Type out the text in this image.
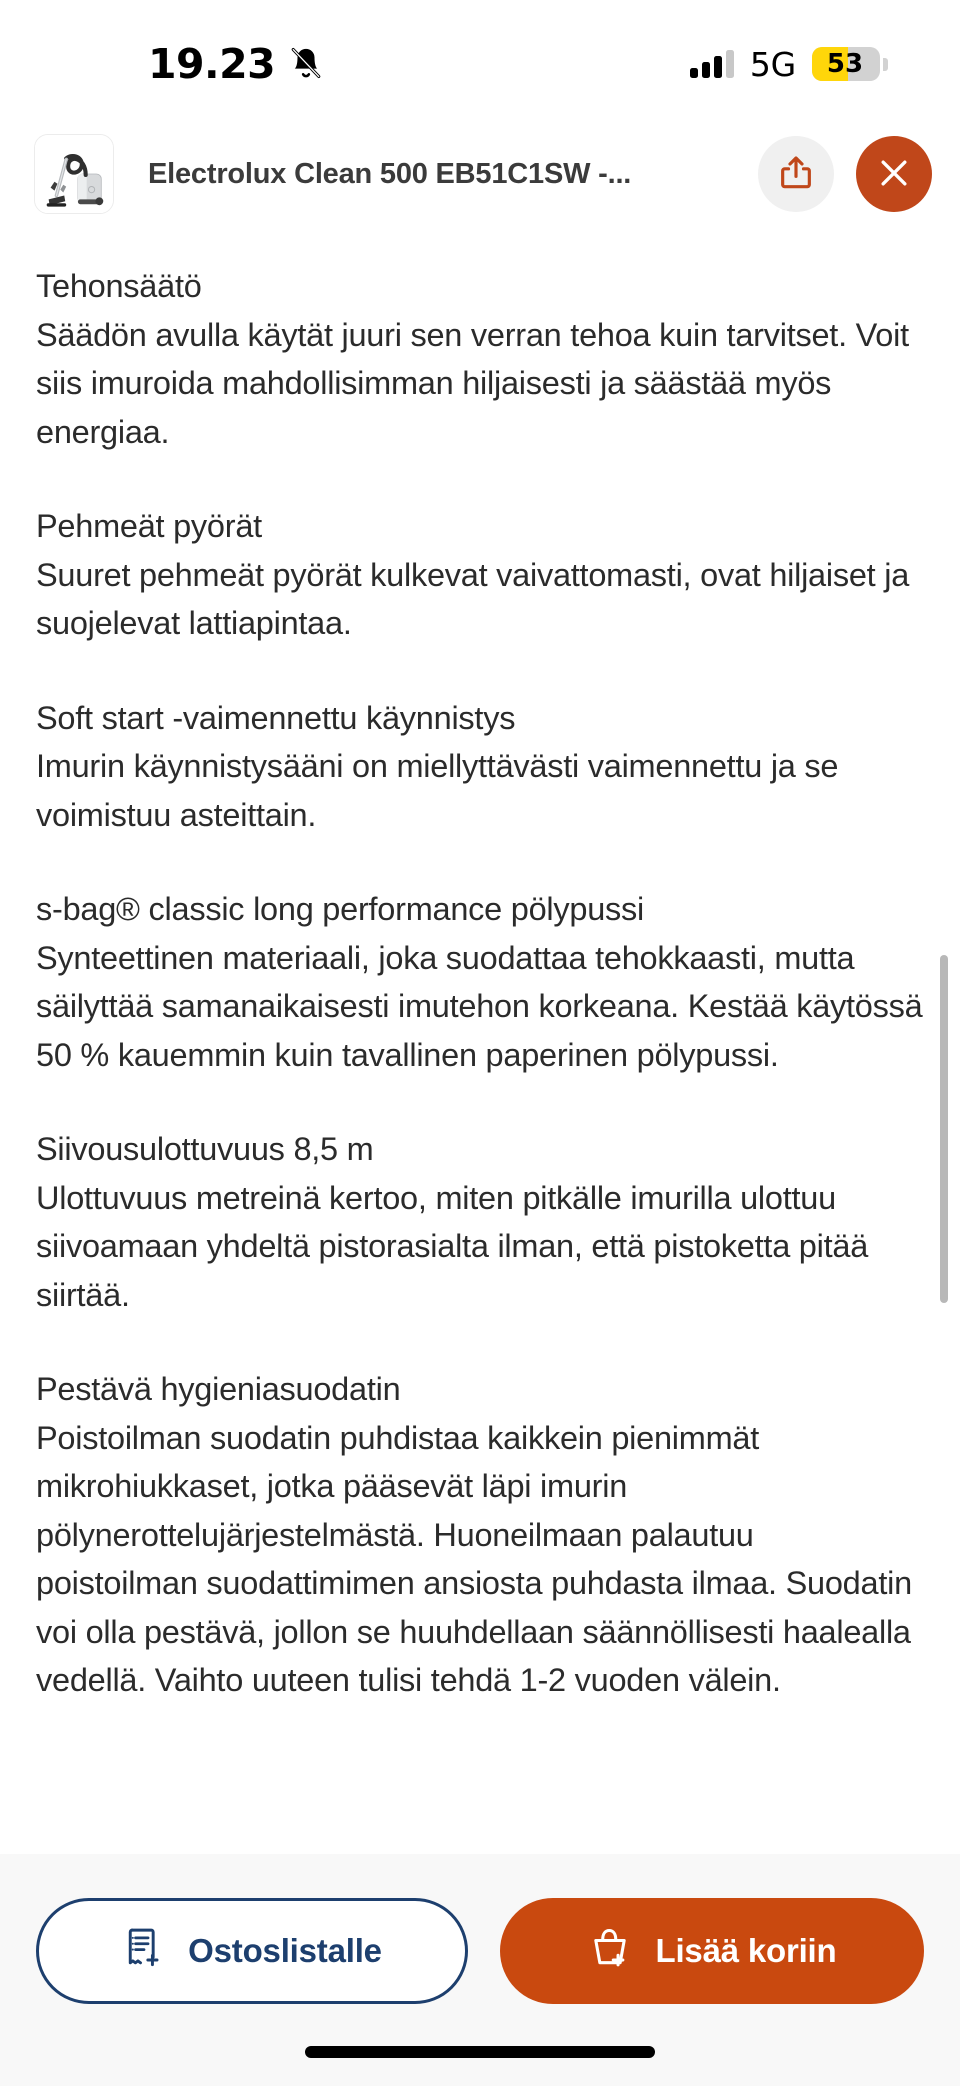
19.23	5G	53
Electrolux Clean 500 EB51C1SW -...
Tehonsäätö
Säädön avulla käytät juuri sen verran tehoa kuin tarvitset. Voit siis imuroida mahdollisimman hiljaisesti ja säästää myös energiaa.
Pehmeät pyörät
Suuret pehmeät pyörät kulkevat vaivattomasti, ovat hiljaiset ja suojelevat lattiapintaa.
Soft start -vaimennettu käynnistys
Imurin käynnistysääni on miellyttävästi vaimennettu ja se voimistuu asteittain.
s-bag® classic long performance pölypussi
Synteettinen materiaali, joka suodattaa tehokkaasti, mutta säilyttää samanaikaisesti imutehon korkeana. Kestää käytössä 50 % kauemmin kuin tavallinen paperinen pölypussi.
Siivousulottuvuus 8,5 m
Ulottuvuus metreinä kertoo, miten pitkälle imurilla ulottuu siivoamaan yhdeltä pistorasialta ilman, että pistoketta pitää siirtää.
Pestävä hygieniasuodatin
Poistoilman suodatin puhdistaa kaikkein pienimmät mikrohiukkaset, jotka pääsevät läpi imurin pölynerottelujärjestelmästä. Huoneilmaan palautuu poistoilman suodattimimen ansiosta puhdasta ilmaa. Suodatin voi olla pestävä, jollon se huuhdellaan säännöllisesti haalealla vedellä. Vaihto uuteen tulisi tehdä 1-2 vuoden välein.
Ostoslistalle	Lisää koriin
